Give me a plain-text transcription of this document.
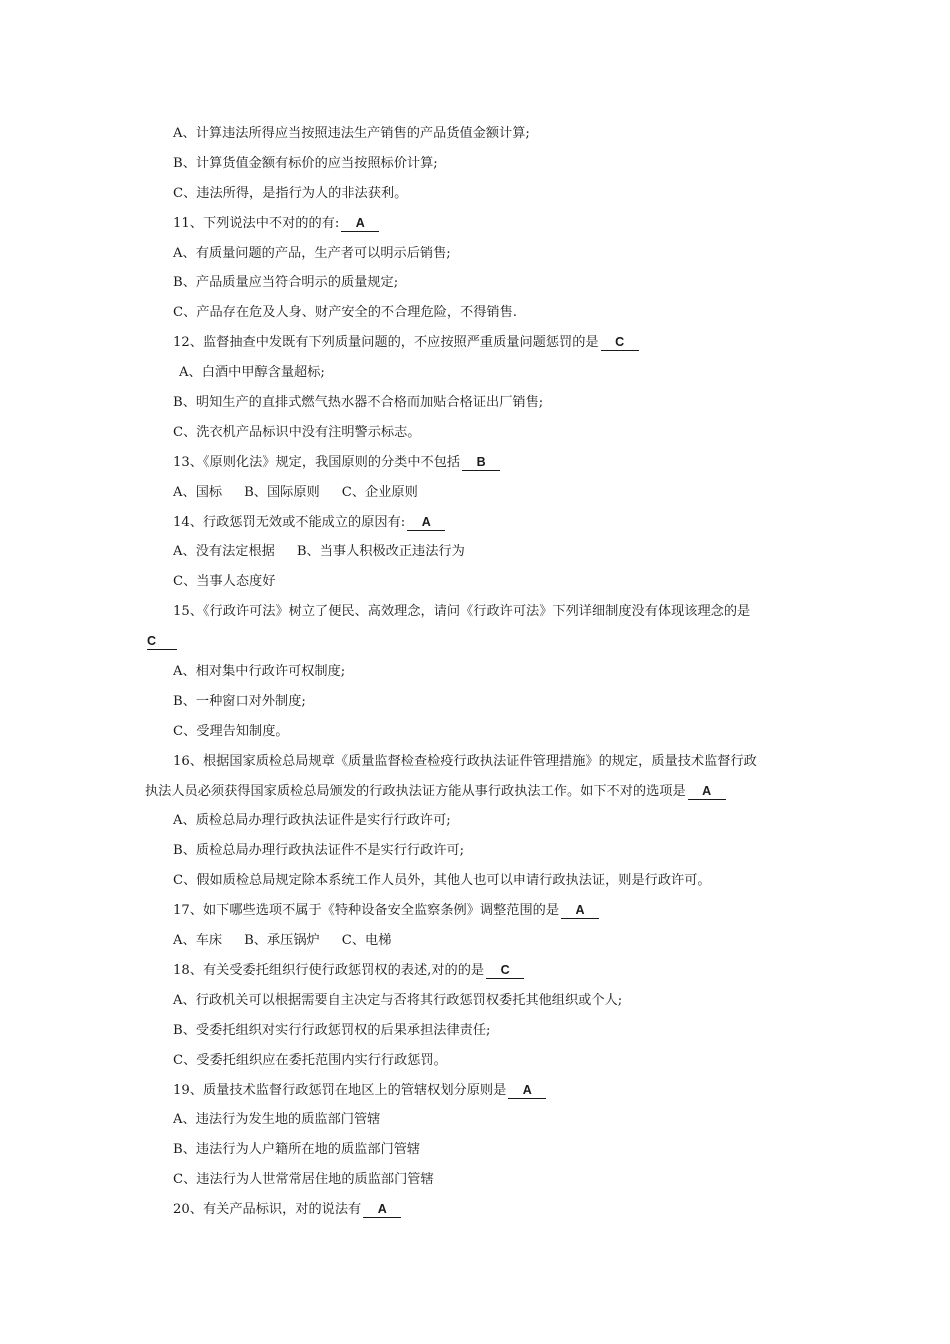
A、计算违法所得应当按照违法生产销售的产品货值金额计算;
B、计算货值金额有标价的应当按照标价计算;
C、违法所得，是指行为人的非法获利。
11、下列说法中不对的的有: A
A、有质量问题的产品，生产者可以明示后销售;
B、产品质量应当符合明示的质量规定;
C、产品存在危及人身、财产安全的不合理危险，不得销售.
12、监督抽查中发既有下列质量问题的，不应按照严重质量问题惩罚的是 C
A、白酒中甲醇含量超标;
B、明知生产的直排式燃气热水器不合格而加贴合格证出厂销售;
C、洗衣机产品标识中没有注明警示标志。
13、《原则化法》规定，我国原则的分类中不包括 B
A、国标 B、国际原则 C、企业原则
14、行政惩罚无效或不能成立的原因有: A
A、没有法定根据 B、当事人积极改正违法行为
C、当事人态度好
15、《行政许可法》树立了便民、高效理念，请问《行政许可法》下列详细制度没有体现该理念的是
C
A、相对集中行政许可权制度;
B、一种窗口对外制度;
C、受理告知制度。
16、根据国家质检总局规章《质量监督检查检疫行政执法证件管理措施》的规定，质量技术监督行政
执法人员必须获得国家质检总局颁发的行政执法证方能从事行政执法工作。如下不对的选项是 A
A、质检总局办理行政执法证件是实行行政许可;
B、质检总局办理行政执法证件不是实行行政许可;
C、假如质检总局规定除本系统工作人员外，其他人也可以申请行政执法证，则是行政许可。
17、如下哪些选项不属于《特种设备安全监察条例》调整范围的是 A
A、车床 B、承压锅炉 C、电梯
18、有关受委托组织行使行政惩罚权的表述,对的的是 C
A、行政机关可以根据需要自主决定与否将其行政惩罚权委托其他组织或个人;
B、受委托组织对实行行政惩罚权的后果承担法律责任;
C、受委托组织应在委托范围内实行行政惩罚。
19、质量技术监督行政惩罚在地区上的管辖权划分原则是 A
A、违法行为发生地的质监部门管辖
B、违法行为人户籍所在地的质监部门管辖
C、违法行为人世常常居住地的质监部门管辖
20、有关产品标识，对的说法有 A
